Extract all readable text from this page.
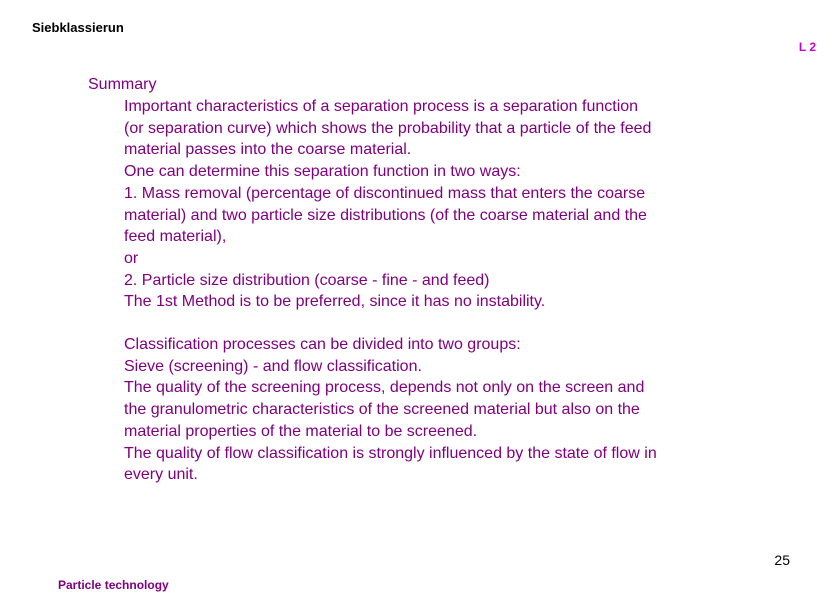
Siebklassierun
L 2
Summary
Important characteristics of a separation process is a separation function
(or separation curve) which shows the probability that a particle of the feed
material passes into the coarse material.
One can determine this separation function in two ways:
1. Mass removal (percentage of discontinued mass that enters the coarse
material) and two particle size distributions (of the coarse material and the
feed material),
or
2. Particle size distribution (coarse - fine - and feed)
The 1st Method is to be preferred, since it has no instability.
Classification processes can be divided into two groups:
Sieve (screening) - and flow classification.
The quality of the screening process, depends not only on the screen and
the granulometric characteristics of the screened material but also on the
material properties of the material to be screened.
The quality of flow classification is strongly influenced by the state of flow in
every unit.
25
Particle technology
